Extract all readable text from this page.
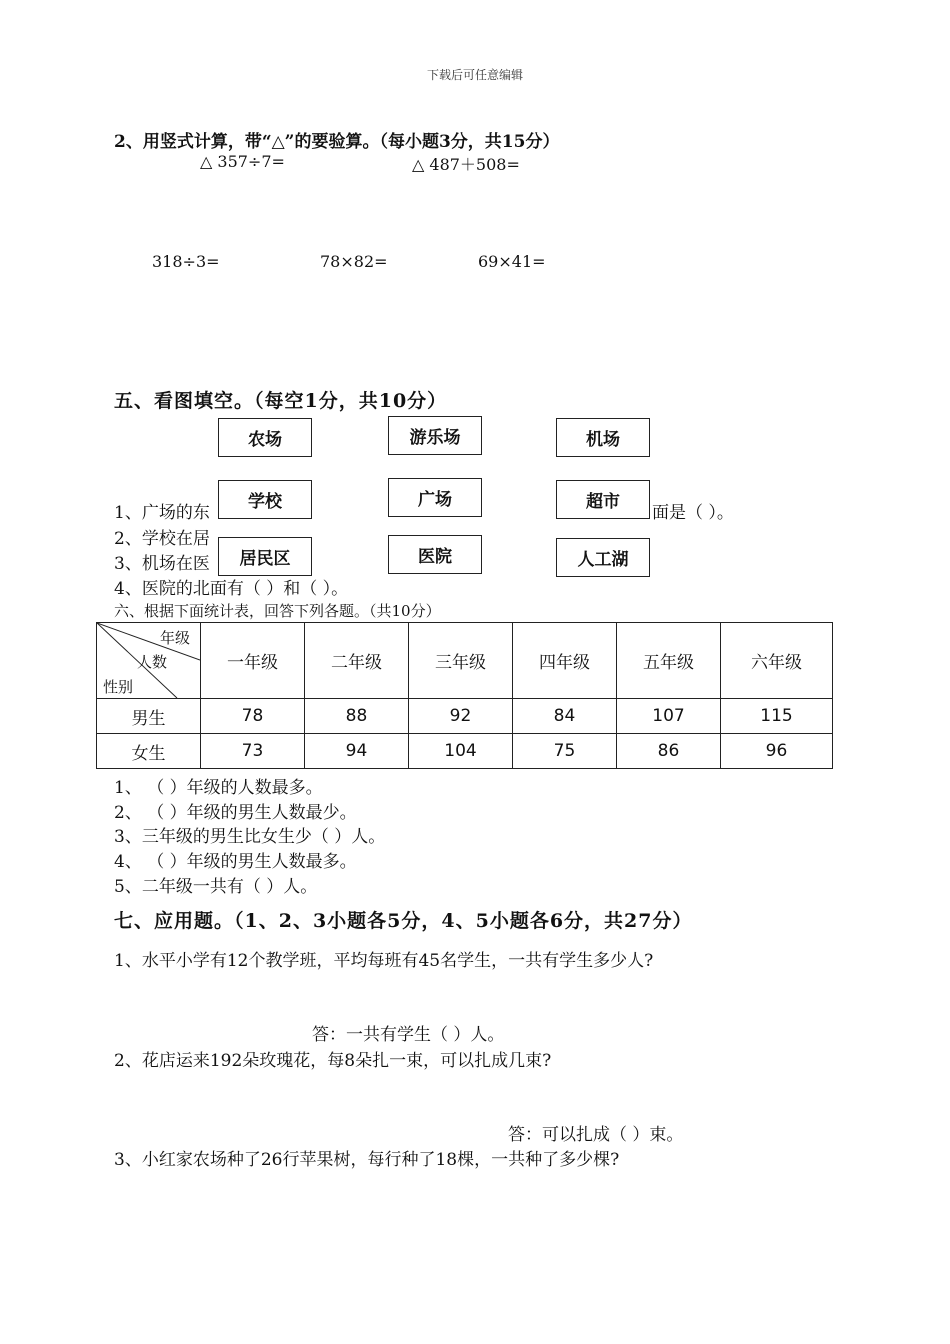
下载后可任意编辑
2、用竖式计算，带“△”的要验算。（每小题3分，共15分）
△ 357÷7=	△ 487＋508=
318÷3=	78×82=	69×41=
五、看图填空。（每空1分，共10分）
1、广场的东	面是（ ）。
2、学校在居
3、机场在医
4、医院的北面有（ ）和（ ）。
农场	游乐场	机场
学校	广场	超市
居民区	医院	人工湖
六、根据下面统计表，回答下列各题。（共10分）
年级
人数
性别	一年级	二年级	三年级	四年级	五年级	六年级
男生	78	88	92	84	107	115
女生	73	94	104	75	86	96
1、 （ ）年级的人数最多。
2、 （ ）年级的男生人数最少。
3、三年级的男生比女生少（ ）人。
4、 （ ）年级的男生人数最多。
5、二年级一共有（ ）人。
七、应用题。（1、2、3小题各5分，4、5小题各6分，共27分）
1、水平小学有12个教学班，平均每班有45名学生，一共有学生多少人?
答：一共有学生（ ）人。
2、花店运来192朵玫瑰花，每8朵扎一束，可以扎成几束?
答：可以扎成（ ）束。
3、小红家农场种了26行苹果树，每行种了18棵，一共种了多少棵?
